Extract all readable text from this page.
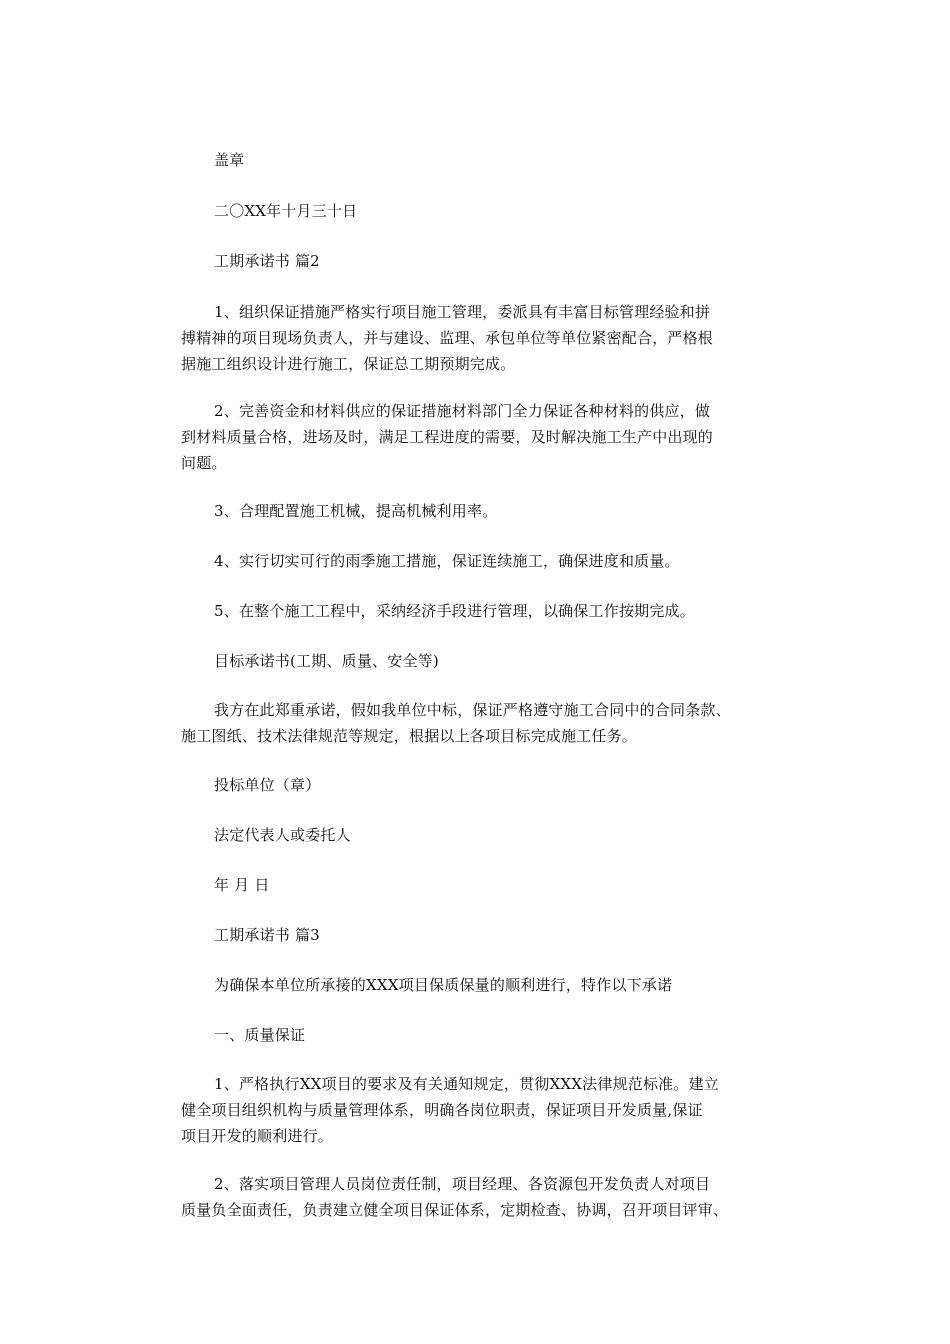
盖章

二〇XX年十月三十日

工期承诺书 篇2

1、组织保证措施严格实行项目施工管理，委派具有丰富目标管理经验和拼
搏精神的项目现场负责人，并与建设、监理、承包单位等单位紧密配合，严格根
据施工组织设计进行施工，保证总工期预期完成。

2、完善资金和材料供应的保证措施材料部门全力保证各种材料的供应，做
到材料质量合格，进场及时，满足工程进度的需要，及时解决施工生产中出现的
问题。

3、合理配置施工机械，提高机械利用率。

4、实行切实可行的雨季施工措施，保证连续施工，确保进度和质量。

5、在整个施工工程中，采纳经济手段进行管理，以确保工作按期完成。

目标承诺书(工期、质量、安全等)

我方在此郑重承诺，假如我单位中标，保证严格遵守施工合同中的合同条款、
施工图纸、技术法律规范等规定，根据以上各项目标完成施工任务。

投标单位（章）

法定代表人或委托人

年 月 日

工期承诺书 篇3

为确保本单位所承接的XXX项目保质保量的顺利进行，特作以下承诺

一、质量保证

1、严格执行XX项目的要求及有关通知规定，贯彻XXX法律规范标准。建立
健全项目组织机构与质量管理体系，明确各岗位职责，保证项目开发质量,保证
项目开发的顺利进行。

2、落实项目管理人员岗位责任制，项目经理、各资源包开发负责人对项目
质量负全面责任，负责建立健全项目保证体系，定期检查、协调，召开项目评审、
